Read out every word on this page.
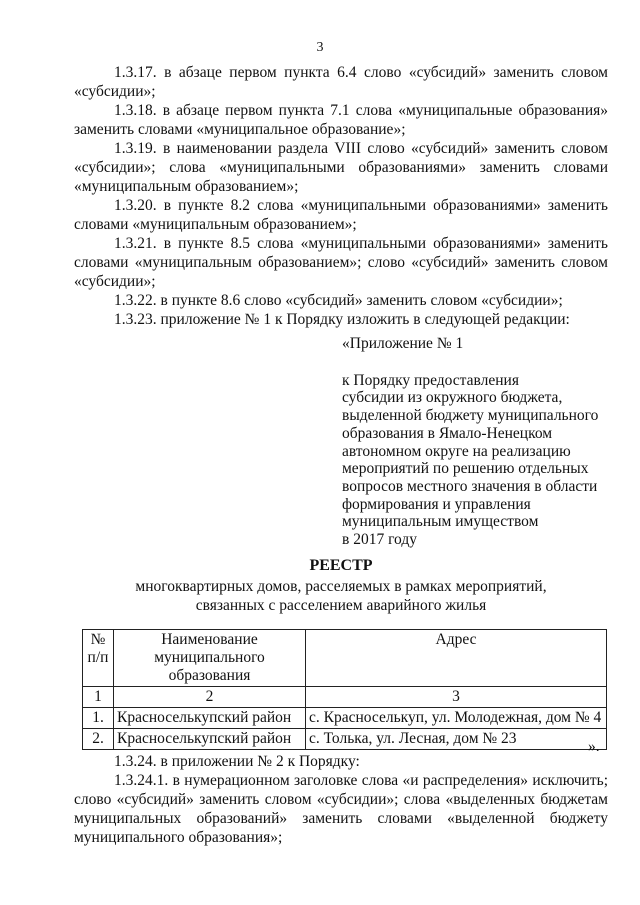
3

1.3.17. в абзаце первом пункта 6.4 слово «субсидий» заменить словом «субсидии»;

1.3.18. в абзаце первом пункта 7.1 слова «муниципальные образования» заменить словами «муниципальное образование»;

1.3.19. в наименовании раздела VIII слово «субсидий» заменить словом «субсидии»; слова «муниципальными образованиями» заменить словами «муниципальным образованием»;

1.3.20. в пункте 8.2 слова «муниципальными образованиями» заменить словами «муниципальным образованием»;

1.3.21. в пункте 8.5 слова «муниципальными образованиями» заменить словами «муниципальным образованием»; слово «субсидий» заменить словом «субсидии»;

1.3.22. в пункте 8.6 слово «субсидий» заменить словом «субсидии»;

1.3.23. приложение № 1 к Порядку изложить в следующей редакции:

«Приложение № 1

к Порядку предоставления

субсидии из окружного бюджета,

выделенной бюджету муниципального

образования в Ямало-Ненецком

автономном округе на реализацию

мероприятий по решению отдельных

вопросов местного значения в области

формирования и управления

муниципальным имуществом

в 2017 году

РЕЕСТР

многоквартирных домов, расселяемых в рамках мероприятий,

связанных с расселением аварийного жилья

№ п/п	Наименование муниципального образования	Адрес
1	2	3
1.	Красноселькупский район	с. Красноселькуп, ул. Молодежная, дом № 4
2.	Красноселькупский район	с. Толька, ул. Лесная, дом № 23	».

1.3.24. в приложении № 2 к Порядку:

1.3.24.1. в нумерационном заголовке слова «и распределения» исключить; слово «субсидий» заменить словом «субсидии»; слова «выделенных бюджетам муниципальных образований» заменить словами «выделенной бюджету муниципального образования»;
